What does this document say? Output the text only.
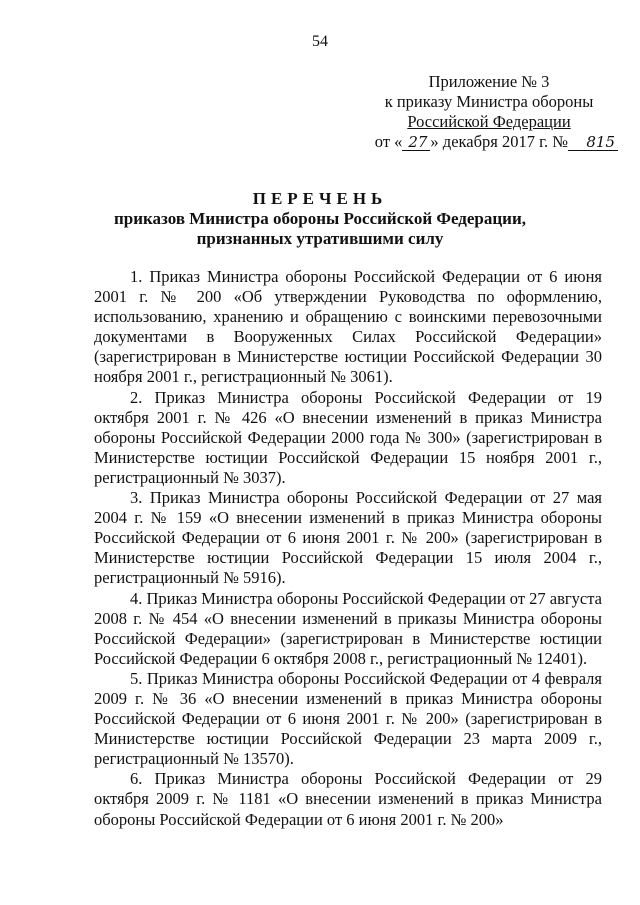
54
Приложение № 3
к приказу Министра обороны
Российской Федерации
от « 27 » декабря 2017 г. № 815
ПЕРЕЧЕНЬ
приказов Министра обороны Российской Федерации,
признанных утратившими силу

1. Приказ Министра обороны Российской Федерации от 6 июня 2001 г. № 200 «Об утверждении Руководства по оформлению, использованию, хранению и обращению с воинскими перевозочными документами в Вооруженных Силах Российской Федерации» (зарегистрирован в Министерстве юстиции Российской Федерации 30 ноября 2001 г., регистрационный № 3061).

2. Приказ Министра обороны Российской Федерации от 19 октября 2001 г. № 426 «О внесении изменений в приказ Министра обороны Российской Федерации 2000 года № 300» (зарегистрирован в Министерстве юстиции Российской Федерации 15 ноября 2001 г., регистрационный № 3037).

3. Приказ Министра обороны Российской Федерации от 27 мая 2004 г. № 159 «О внесении изменений в приказ Министра обороны Российской Федерации от 6 июня 2001 г. № 200» (зарегистрирован в Министерстве юстиции Российской Федерации 15 июля 2004 г., регистрационный № 5916).

4. Приказ Министра обороны Российской Федерации от 27 августа 2008 г. № 454 «О внесении изменений в приказы Министра обороны Российской Федерации» (зарегистрирован в Министерстве юстиции Российской Федерации 6 октября 2008 г., регистрационный № 12401).

5. Приказ Министра обороны Российской Федерации от 4 февраля 2009 г. № 36 «О внесении изменений в приказ Министра обороны Российской Федерации от 6 июня 2001 г. № 200» (зарегистрирован в Министерстве юстиции Российской Федерации 23 марта 2009 г., регистрационный № 13570).

6. Приказ Министра обороны Российской Федерации от 29 октября 2009 г. № 1181 «О внесении изменений в приказ Министра обороны Российской Федерации от 6 июня 2001 г. № 200»
